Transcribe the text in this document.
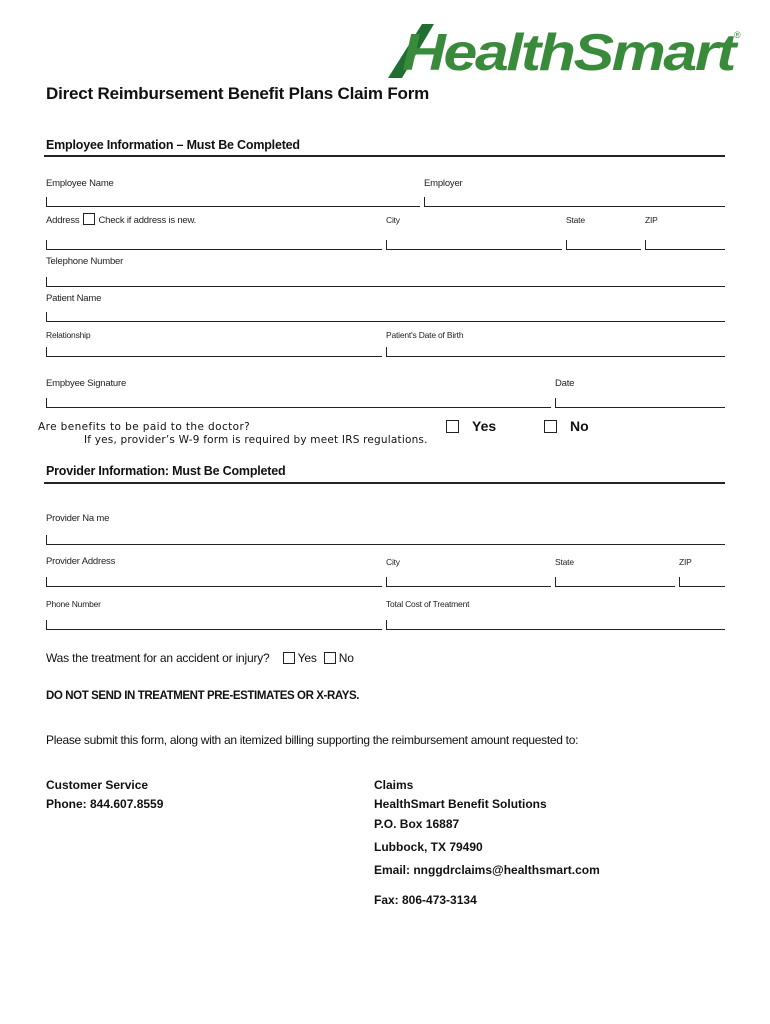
HealthSmart
®
Direct Reimbursement Benefit Plans Claim Form
Employee Information – Must Be Completed
Employee Name	Employer
Address Check if address is new.	City	State	ZIP
Telephone Number
Patient Name
Relationship	Patient's Date of Birth
Empbyee Signature	Date
Are benefits to be paid to the doctor?
If yes, provider’s W-9 form is required by meet IRS regulations.
Yes	No
Provider Information: Must Be Completed
Provider Na me
Provider Address	City	State	ZIP
Phone Number	Total Cost of Treatment
Was the treatment for an accident or injury? Yes No
DO NOT SEND IN TREATMENT PRE-ESTIMATES OR X-RAYS.
Please submit this form, along with an itemized billing supporting the reimbursement amount requested to:
Customer Service
Phone: 844.607.8559
Claims
HealthSmart Benefit Solutions
P.O. Box 16887
Lubbock, TX 79490
Email: nnggdrclaims@healthsmart.com
Fax: 806-473-3134
